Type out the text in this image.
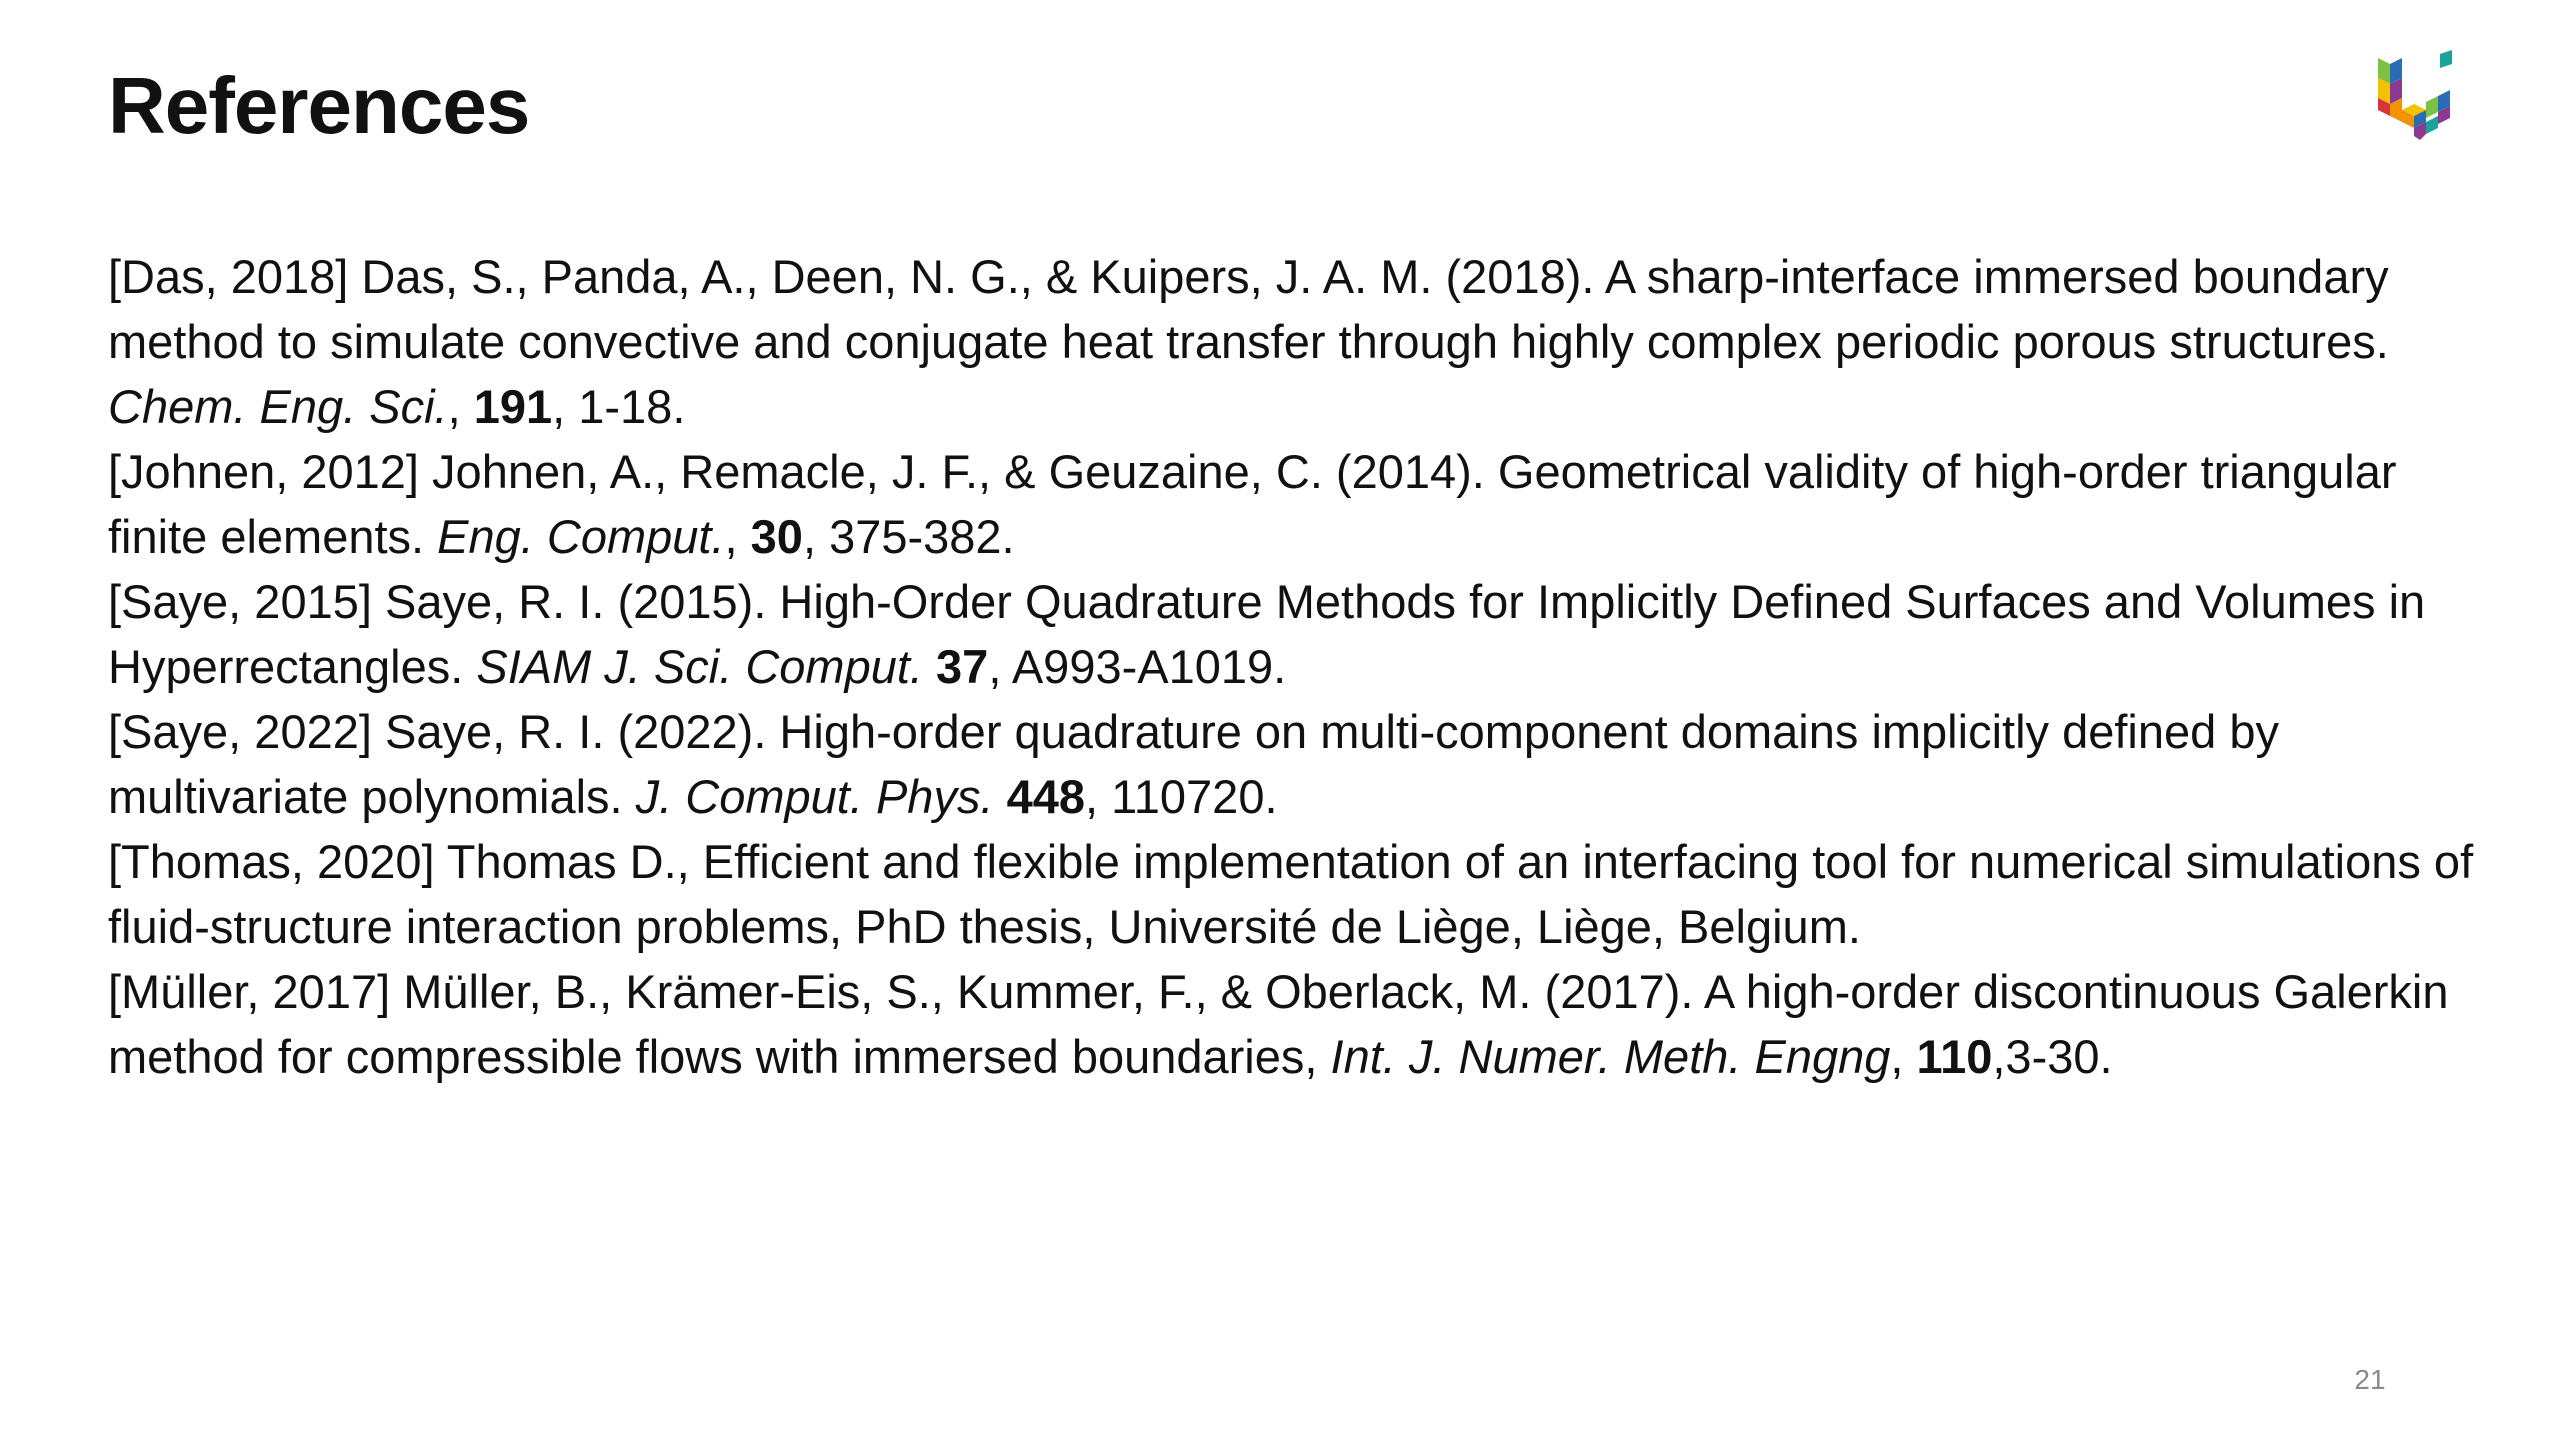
References

[Das, 2018] Das, S., Panda, A., Deen, N. G., & Kuipers, J. A. M. (2018). A sharp-interface immersed boundary method to simulate convective and conjugate heat transfer through highly complex periodic porous structures. Chem. Eng. Sci., 191, 1-18.

[Johnen, 2012] Johnen, A., Remacle, J. F., & Geuzaine, C. (2014). Geometrical validity of high-order triangular finite elements. Eng. Comput., 30, 375-382.

[Saye, 2015] Saye, R. I. (2015). High-Order Quadrature Methods for Implicitly Defined Surfaces and Volumes in Hyperrectangles. SIAM J. Sci. Comput. 37, A993-A1019.

[Saye, 2022] Saye, R. I. (2022). High-order quadrature on multi-component domains implicitly defined by multivariate polynomials. J. Comput. Phys. 448, 110720.

[Thomas, 2020] Thomas D., Efficient and flexible implementation of an interfacing tool for numerical simulations of fluid-structure interaction problems, PhD thesis, Université de Liège, Liège, Belgium.

[Müller, 2017] Müller, B., Krämer-Eis, S., Kummer, F., & Oberlack, M. (2017). A high-order discontinuous Galerkin method for compressible flows with immersed boundaries, Int. J. Numer. Meth. Engng, 110,3-30.

21
